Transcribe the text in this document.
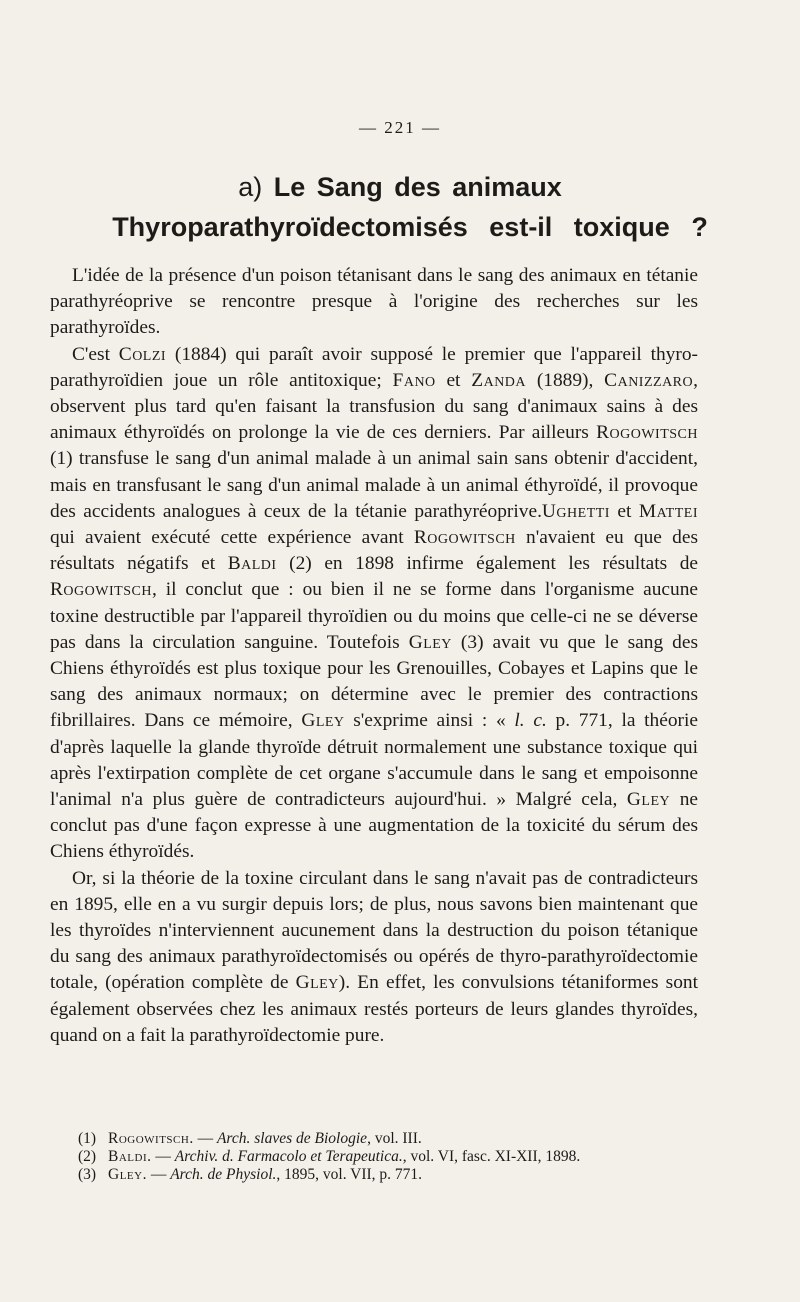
— 221 —
a) Le Sang des animaux
Thyroparathyroïdectomisés est-il toxique ?

L'idée de la présence d'un poison tétanisant dans le sang des animaux en tétanie parathyréoprive se rencontre presque à l'origine des recherches sur les parathyroïdes.

C'est Colzi (1884) qui paraît avoir supposé le premier que l'appareil thyro-parathyroïdien joue un rôle antitoxique; Fano et Zanda (1889), Canizzaro, observent plus tard qu'en faisant la transfusion du sang d'animaux sains à des animaux éthyroïdés on prolonge la vie de ces derniers. Par ailleurs Rogowitsch (1) transfuse le sang d'un animal malade à un animal sain sans obtenir d'accident, mais en transfusant le sang d'un animal malade à un animal éthyroïdé, il provoque des accidents analogues à ceux de la tétanie parathyréoprive.Ughetti et Mattei qui avaient exécuté cette expérience avant Rogowitsch n'avaient eu que des résultats négatifs et Baldi (2) en 1898 infirme également les résultats de Rogowitsch, il conclut que : ou bien il ne se forme dans l'organisme aucune toxine destructible par l'appareil thyroïdien ou du moins que celle-ci ne se déverse pas dans la circulation sanguine. Toutefois Gley (3) avait vu que le sang des Chiens éthyroïdés est plus toxique pour les Grenouilles, Cobayes et Lapins que le sang des animaux normaux; on détermine avec le premier des contractions fibrillaires. Dans ce mémoire, Gley s'exprime ainsi : « l. c. p. 771, la théorie d'après laquelle la glande thyroïde détruit normalement une substance toxique qui après l'extirpation complète de cet organe s'accumule dans le sang et empoisonne l'animal n'a plus guère de contradicteurs aujourd'hui. » Malgré cela, Gley ne conclut pas d'une façon expresse à une augmentation de la toxicité du sérum des Chiens éthyroïdés.

Or, si la théorie de la toxine circulant dans le sang n'avait pas de contradicteurs en 1895, elle en a vu surgir depuis lors; de plus, nous savons bien maintenant que les thyroïdes n'interviennent aucunement dans la destruction du poison tétanique du sang des animaux parathyroïdectomisés ou opérés de thyro-parathyroïdectomie totale, (opération complète de Gley). En effet, les convulsions tétaniformes sont également observées chez les animaux restés porteurs de leurs glandes thyroïdes, quand on a fait la parathyroïdectomie pure.

(1) Rogowitsch. — Arch. slaves de Biologie, vol. III.
(2) Baldi. — Archiv. d. Farmacolo et Terapeutica., vol. VI, fasc. XI-XII, 1898.
(3) Gley. — Arch. de Physiol., 1895, vol. VII, p. 771.
